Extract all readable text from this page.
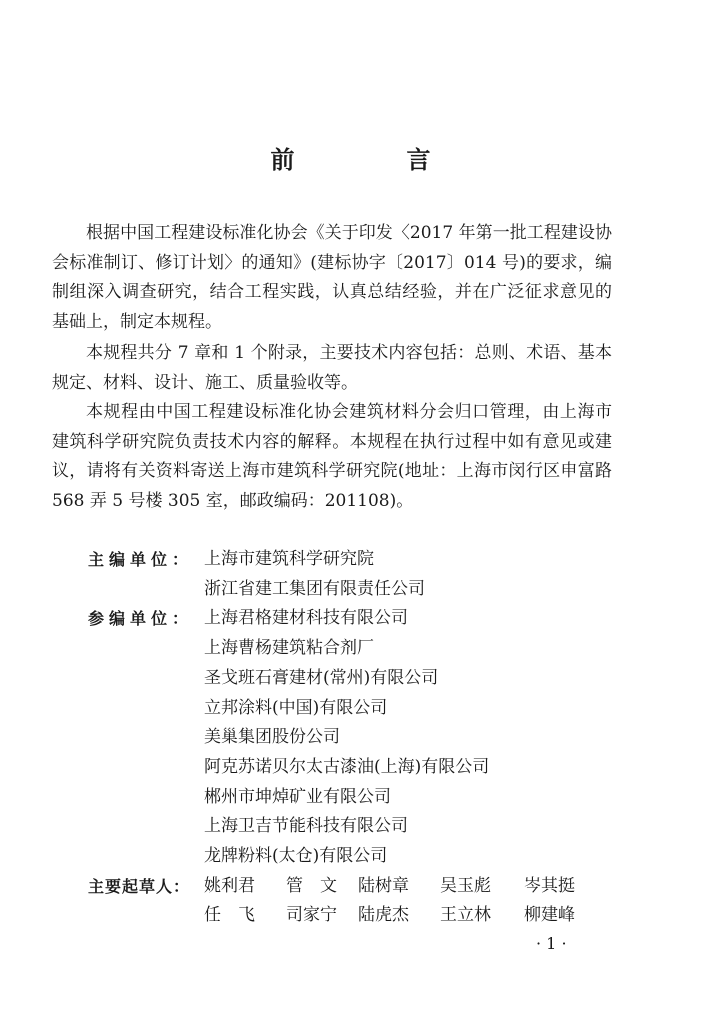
前　言

根据中国工程建设标准化协会《关于印发〈2017 年第一批工程建设协会标准制订、修订计划〉的通知》(建标协字〔2017〕014 号)的要求，编制组深入调查研究，结合工程实践，认真总结经验，并在广泛征求意见的基础上，制定本规程。

本规程共分 7 章和 1 个附录，主要技术内容包括：总则、术语、基本规定、材料、设计、施工、质量验收等。

本规程由中国工程建设标准化协会建筑材料分会归口管理，由上海市建筑科学研究院负责技术内容的解释。本规程在执行过程中如有意见或建议，请将有关资料寄送上海市建筑科学研究院(地址：上海市闵行区申富路 568 弄 5 号楼 305 室，邮政编码：201108)。

主编单位： 上海市建筑科学研究院
浙江省建工集团有限责任公司
参编单位： 上海君格建材科技有限公司
上海曹杨建筑粘合剂厂
圣戈班石膏建材(常州)有限公司
立邦涂料(中国)有限公司
美巢集团股份公司
阿克苏诺贝尔太古漆油(上海)有限公司
郴州市坤焯矿业有限公司
上海卫吉节能科技有限公司
龙牌粉料(太仓)有限公司
主要起草人： 姚利君	管　文	陆树章	吴玉彪	岑其挺
任　飞	司家宁	陆虎杰	王立林	柳建峰
· 1 ·
